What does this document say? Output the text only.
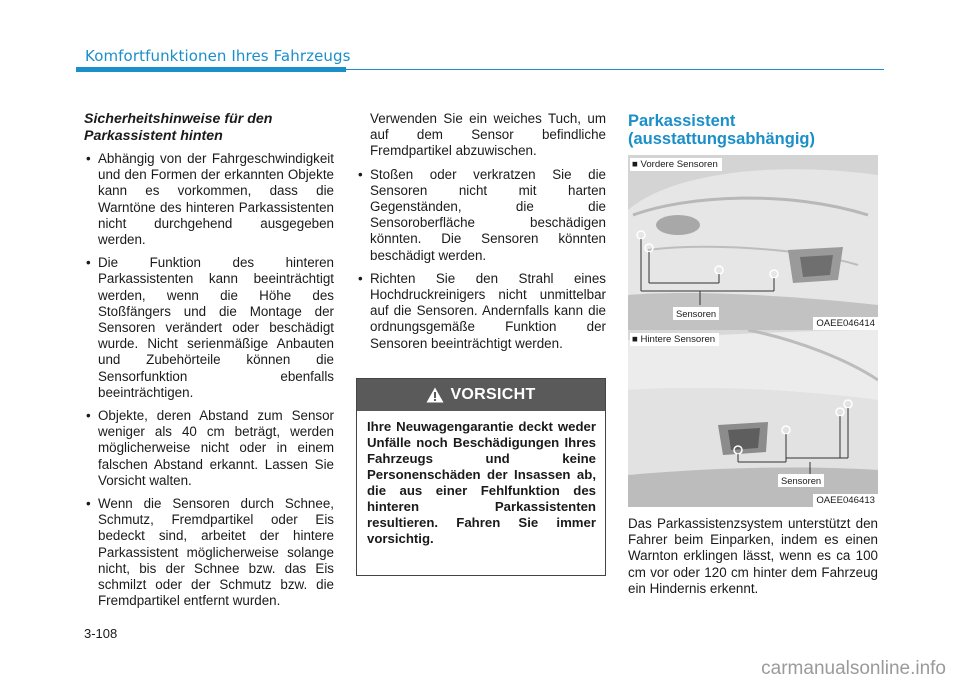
Komfortfunktionen Ihres Fahrzeugs
Sicherheitshinweise für den Parkassistent hinten
• Abhängig von der Fahrgeschwindigkeit und den Formen der erkannten Objekte kann es vorkommen, dass die Warntöne des hinteren Parkassistenten nicht durchgehend ausgegeben werden.
• Die Funktion des hinteren Parkassistenten kann beeinträchtigt werden, wenn die Höhe des Stoßfängers und die Montage der Sensoren verändert oder beschädigt wurde. Nicht serienmäßige Anbauten und Zubehörteile können die Sensorfunktion ebenfalls beeinträchtigen.
• Objekte, deren Abstand zum Sensor weniger als 40 cm beträgt, werden möglicherweise nicht oder in einem falschen Abstand erkannt. Lassen Sie Vorsicht walten.
• Wenn die Sensoren durch Schnee, Schmutz, Fremdpartikel oder Eis bedeckt sind, arbeitet der hintere Parkassistent möglicherweise solange nicht, bis der Schnee bzw. das Eis schmilzt oder der Schmutz bzw. die Fremdpartikel entfernt wurden.

Verwenden Sie ein weiches Tuch, um auf dem Sensor befindliche Fremdpartikel abzuwischen.

• Stoßen oder verkratzen Sie die Sensoren nicht mit harten Gegenständen, die die Sensoroberfläche beschädigen könnten. Die Sensoren könnten beschädigt werden.
• Richten Sie den Strahl eines Hochdruckreinigers nicht unmittelbar auf die Sensoren. Andernfalls kann die ordnungsgemäße Funktion der Sensoren beeinträchtigt werden.
VORSICHT
Ihre Neuwagengarantie deckt weder Unfälle noch Beschädigungen Ihres Fahrzeugs und keine Personenschäden der Insassen ab, die aus einer Fehlfunktion des hinteren Parkassistenten resultieren. Fahren Sie immer vorsichtig.
Parkassistent (ausstattungsabhängig)
■ Vordere Sensoren
Sensoren
OAEE046414
■ Hintere Sensoren
Sensoren
OAEE046413

Das Parkassistenzsystem unterstützt den Fahrer beim Einparken, indem es einen Warnton erklingen lässt, wenn es ca 100 cm vor oder 120 cm hinter dem Fahrzeug ein Hindernis erkennt.

3-108
carmanualsonline.info
